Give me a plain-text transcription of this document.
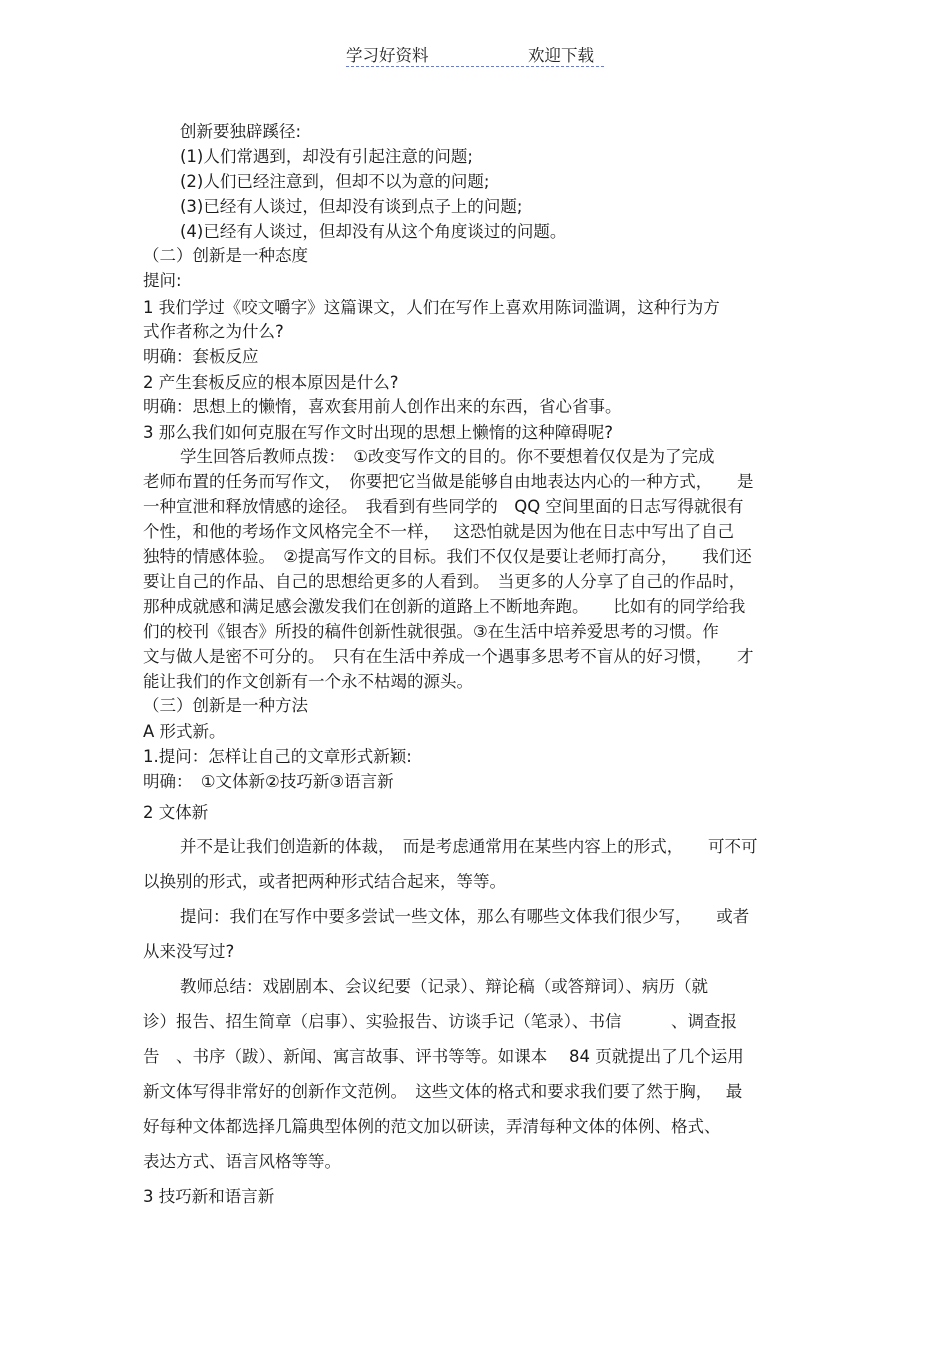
学习好资料	欢迎下载
创新要独辟蹊径:
(1)人们常遇到，却没有引起注意的问题;
(2)人们已经注意到，但却不以为意的问题;
(3)已经有人谈过，但却没有谈到点子上的问题;
(4)已经有人谈过，但却没有从这个角度谈过的问题。
（二）创新是一种态度
提问:
1 我们学过《咬文嚼字》这篇课文，人们在写作上喜欢用陈词滥调，这种行为方
式作者称之为什么?
明确：套板反应
2 产生套板反应的根本原因是什么?
明确：思想上的懒惰，喜欢套用前人创作出来的东西，省心省事。
3 那么我们如何克服在写作文时出现的思想上懒惰的这种障碍呢?
学生回答后教师点拨：　①改变写作文的目的。你不要想着仅仅是为了完成
老师布置的任务而写作文，　你要把它当做是能够自由地表达内心的一种方式，　　是
一种宣泄和释放情感的途径。　我看到有些同学的　QQ 空间里面的日志写得就很有
个性，和他的考场作文风格完全不一样，　 这恐怕就是因为他在日志中写出了自己
独特的情感体验。　②提高写作文的目标。我们不仅仅是要让老师打高分，　　我们还
要让自己的作品、自己的思想给更多的人看到。　当更多的人分享了自己的作品时，
那种成就感和满足感会激发我们在创新的道路上不断地奔跑。　　比如有的同学给我
们的校刊《银杏》所投的稿件创新性就很强。③在生活中培养爱思考的习惯。作
文与做人是密不可分的。　只有在生活中养成一个遇事多思考不盲从的好习惯，　　才
能让我们的作文创新有一个永不枯竭的源头。
（三）创新是一种方法
A 形式新。
1.提问：怎样让自己的文章形式新颖:
明确：　①文体新②技巧新③语言新
2 文体新
并不是让我们创造新的体裁，　而是考虑通常用在某些内容上的形式，　　可不可
以换别的形式，或者把两种形式结合起来，等等。
提问：我们在写作中要多尝试一些文体，那么有哪些文体我们很少写，　　或者
从来没写过?
教师总结：戏剧剧本、会议纪要（记录）、辩论稿（或答辩词）、病历（就
诊）报告、招生简章（启事）、实验报告、访谈手记（笔录）、书信　　　、调查报
告　、书序（跋）、新闻、寓言故事、评书等等。如课本　 84 页就提出了几个运用
新文体写得非常好的创新作文范例。　这些文体的格式和要求我们要了然于胸，　 最
好每种文体都选择几篇典型体例的范文加以研读，弄清每种文体的体例、格式、
表达方式、语言风格等等。
3 技巧新和语言新
